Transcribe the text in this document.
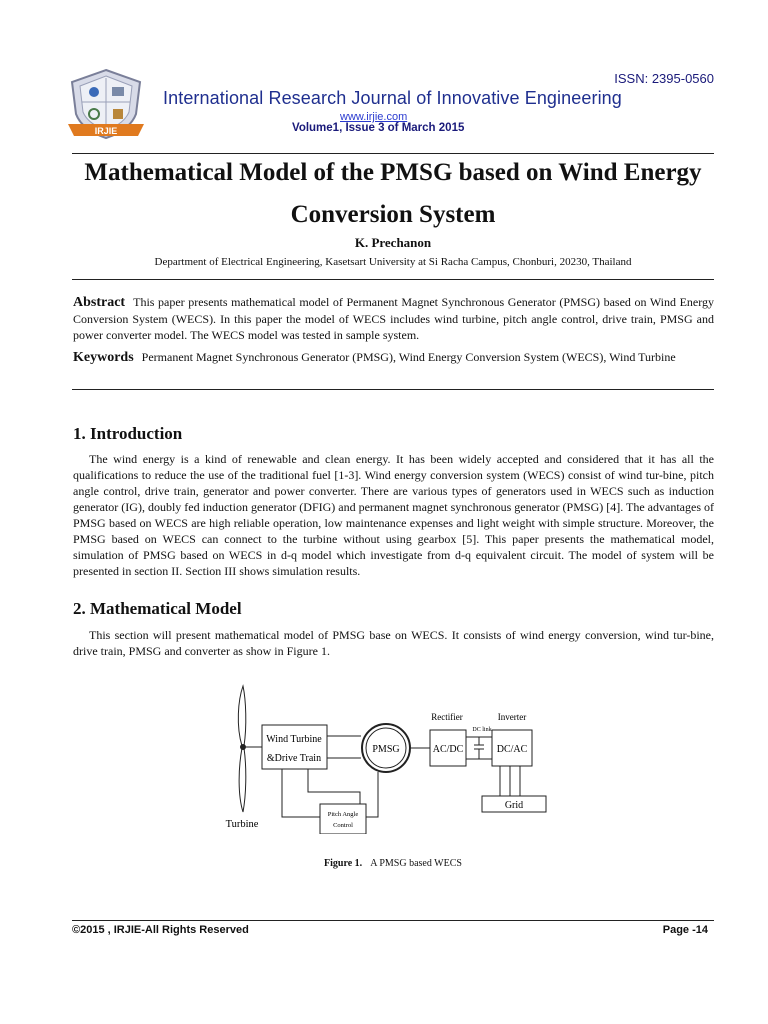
IRJIE
ISSN: 2395-0560
International Research Journal of Innovative Engineering
www.irjie.com
Volume1, Issue 3 of March 2015
Mathematical Model of the PMSG based on Wind Energy
Conversion System
K. Prechanon
Department of Electrical Engineering, Kasetsart University at Si Racha Campus, Chonburi, 20230, Thailand
Abstract This paper presents mathematical model of Permanent Magnet Synchronous Generator (PMSG) based on Wind Energy Conversion System (WECS). In this paper the model of WECS includes wind turbine, pitch angle control, drive train, PMSG and power converter model. The WECS model was tested in sample system.
Keywords Permanent Magnet Synchronous Generator (PMSG), Wind Energy Conversion System (WECS), Wind Turbine
1. Introduction
The wind energy is a kind of renewable and clean energy. It has been widely accepted and considered that it has all the qualifications to reduce the use of the traditional fuel [1-3]. Wind energy conversion system (WECS) consist of wind tur-bine, pitch angle control, drive train, generator and power converter. There are various types of generators used in WECS such as induction generator (IG), doubly fed induction generator (DFIG) and permanent magnet synchronous generator (PMSG) [4]. The advantages of PMSG based on WECS are high reliable operation, low maintenance expenses and light weight with simple structure. Moreover, the PMSG based on WECS can connect to the turbine without using gearbox [5]. This paper presents the mathematical model, simulation of PMSG based on WECS in d-q model which investigate from d-q equivalent circuit. The model of system will be presented in section II. Section III shows simulation results.
2. Mathematical Model
This section will present mathematical model of PMSG base on WECS. It consists of wind energy conversion, wind tur-bine, drive train, PMSG and converter as show in Figure 1.
Turbine
Wind Turbine
&Drive Train
PMSG
Rectifier
AC/DC
DC link
Inverter
DC/AC
Grid
Pitch Angle
Control
Figure 1. A PMSG based WECS
©2015 , IRJIE-All Rights Reserved	Page -14
